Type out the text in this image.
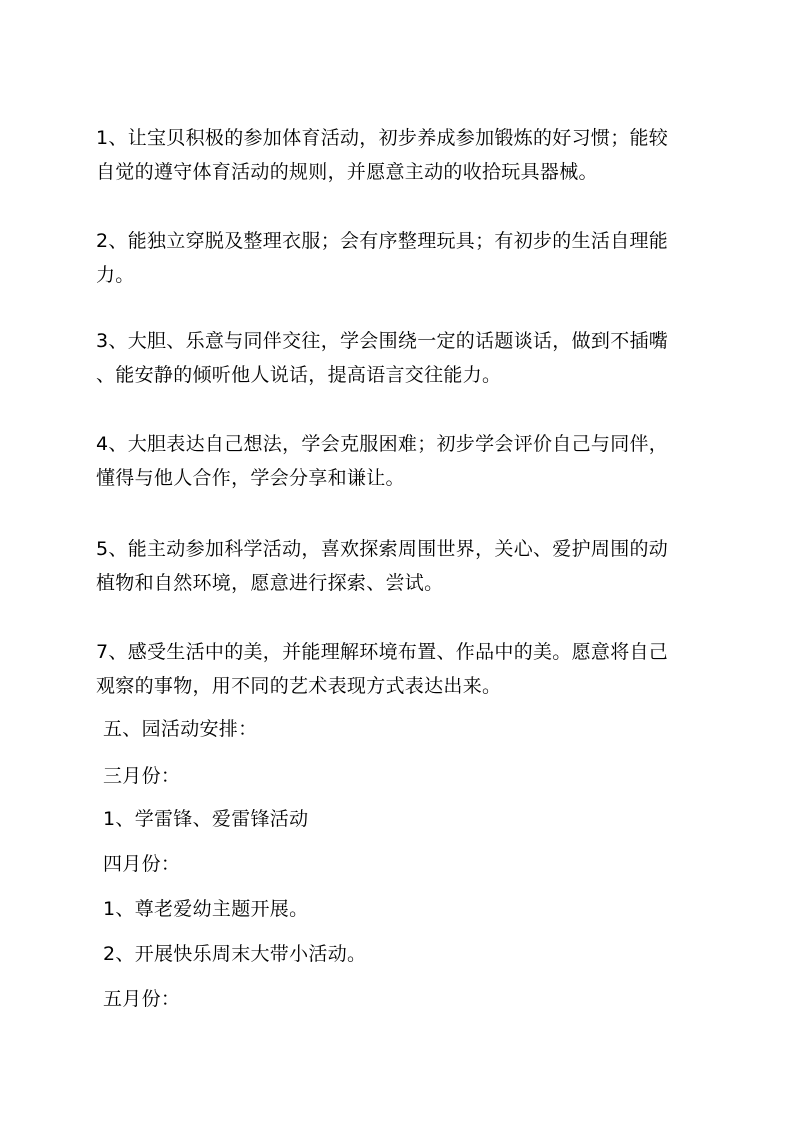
1、让宝贝积极的参加体育活动，初步养成参加锻炼的好习惯；能较
自觉的遵守体育活动的规则，并愿意主动的收拾玩具器械。
2、能独立穿脱及整理衣服；会有序整理玩具；有初步的生活自理能
力。
3、大胆、乐意与同伴交往，学会围绕一定的话题谈话，做到不插嘴
、能安静的倾听他人说话，提高语言交往能力。
4、大胆表达自己想法，学会克服困难；初步学会评价自己与同伴，
懂得与他人合作，学会分享和谦让。
5、能主动参加科学活动，喜欢探索周围世界，关心、爱护周围的动
植物和自然环境，愿意进行探索、尝试。
7、感受生活中的美，并能理解环境布置、作品中的美。愿意将自己
观察的事物，用不同的艺术表现方式表达出来。
五、园活动安排：
三月份：
1、学雷锋、爱雷锋活动
四月份：
1、尊老爱幼主题开展。
2、开展快乐周末大带小活动。
五月份：
